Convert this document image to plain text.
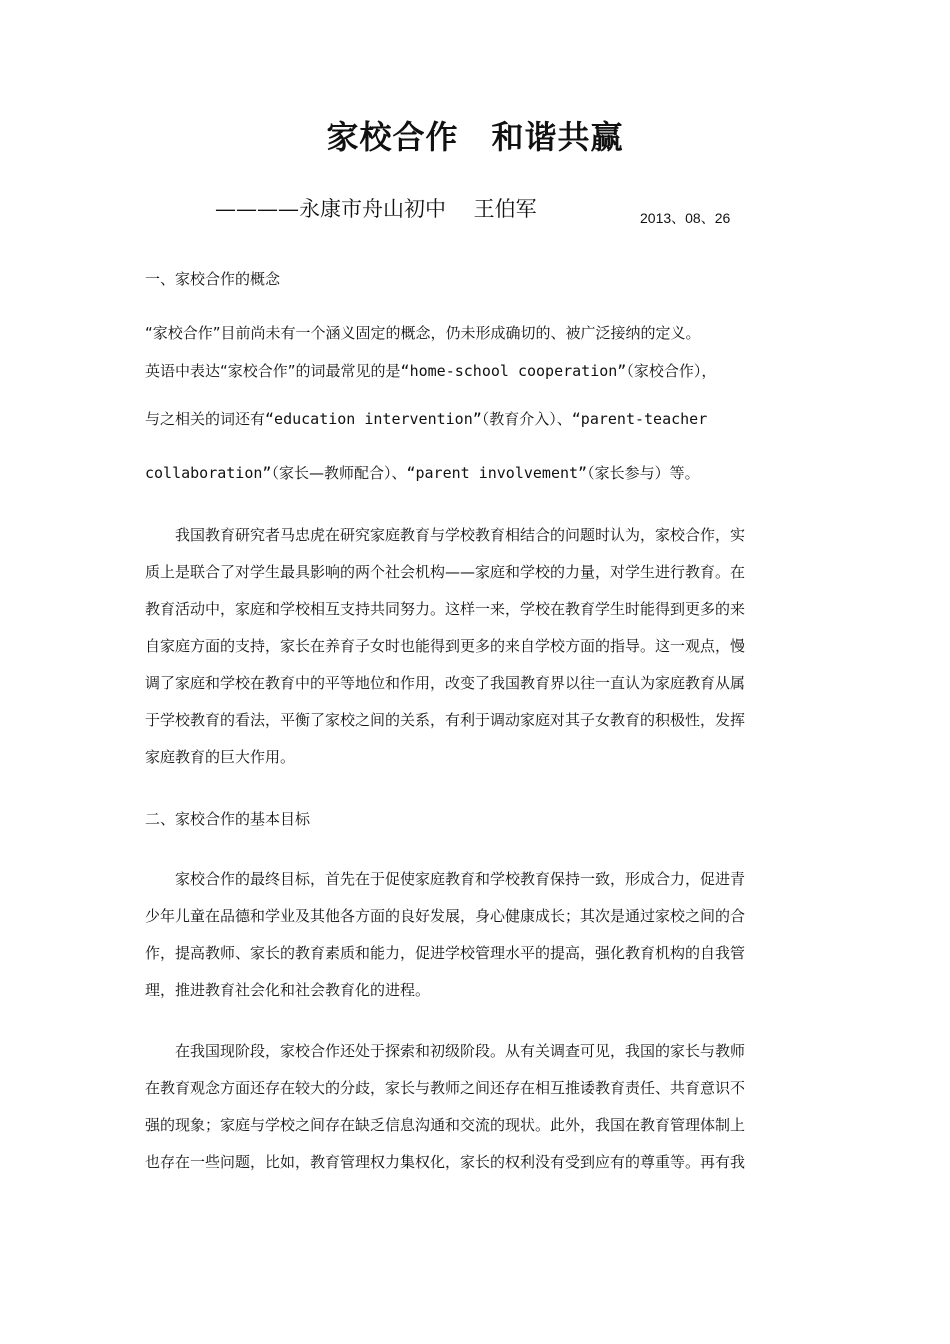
家校合作　和谐共赢
————永康市舟山初中　 王伯军	2013、08、26
一、家校合作的概念
“家校合作”目前尚未有一个涵义固定的概念，仍未形成确切的、被广泛接纳的定义。
英语中表达“家校合作”的词最常见的是“home-school cooperation”（家校合作），
与之相关的词还有“education intervention”（教育介入）、“parent-teacher
collaboration”（家长—教师配合）、“parent involvement”（家长参与）等。
　　我国教育研究者马忠虎在研究家庭教育与学校教育相结合的问题时认为，家校合作，实
质上是联合了对学生最具影响的两个社会机构——家庭和学校的力量，对学生进行教育。在
教育活动中，家庭和学校相互支持共同努力。这样一来，学校在教育学生时能得到更多的来
自家庭方面的支持，家长在养育子女时也能得到更多的来自学校方面的指导。这一观点，慢
调了家庭和学校在教育中的平等地位和作用，改变了我国教育界以往一直认为家庭教育从属
于学校教育的看法，平衡了家校之间的关系，有利于调动家庭对其子女教育的积极性，发挥
家庭教育的巨大作用。
二、家校合作的基本目标
　　家校合作的最终目标，首先在于促使家庭教育和学校教育保持一致，形成合力，促进青
少年儿童在品德和学业及其他各方面的良好发展，身心健康成长；其次是通过家校之间的合
作，提高教师、家长的教育素质和能力，促进学校管理水平的提高，强化教育机构的自我管
理，推进教育社会化和社会教育化的进程。
　　在我国现阶段，家校合作还处于探索和初级阶段。从有关调查可见，我国的家长与教师
在教育观念方面还存在较大的分歧，家长与教师之间还存在相互推诿教育责任、共育意识不
强的现象；家庭与学校之间存在缺乏信息沟通和交流的现状。此外，我国在教育管理体制上
也存在一些问题，比如，教育管理权力集权化，家长的权利没有受到应有的尊重等。再有我
